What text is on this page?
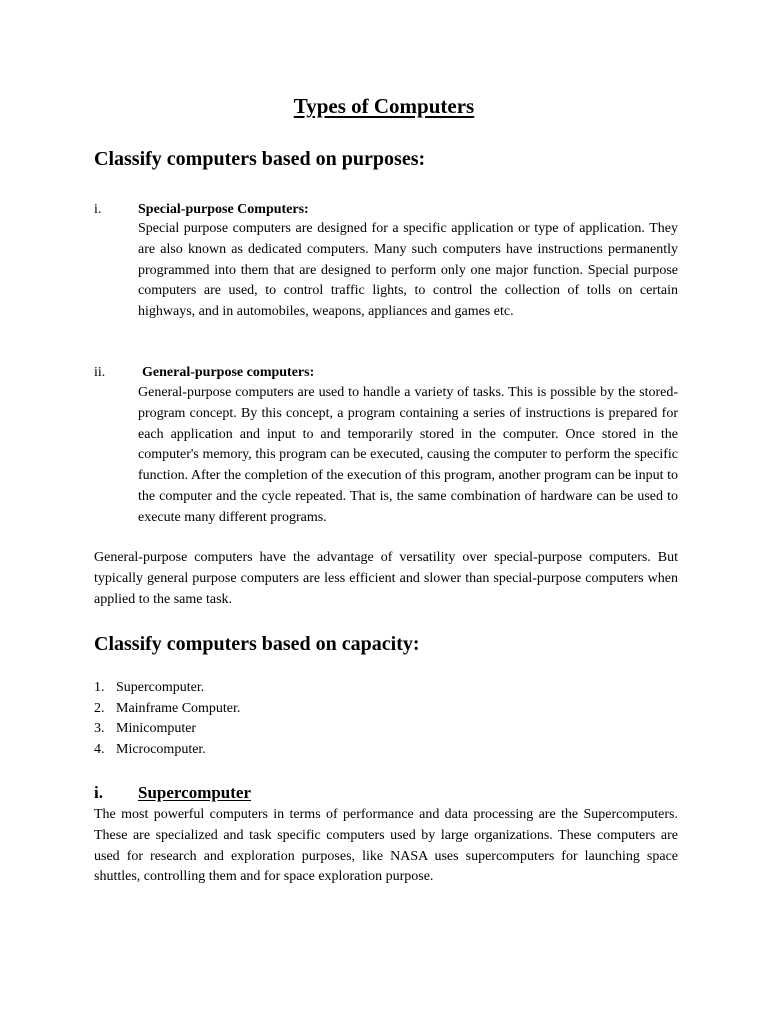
Types of Computers
Classify computers based on purposes:
i.	Special-purpose Computers:

Special purpose computers are designed for a specific application or type of application. They are also known as dedicated computers. Many such computers have instructions permanently programmed into them that are designed to perform only one major function. Special purpose computers are used, to control traffic lights, to control the collection of tolls on certain highways, and in automobiles, weapons, appliances and games etc.

ii.	General-purpose computers:

General-purpose computers are used to handle a variety of tasks. This is possible by the stored-program concept. By this concept, a program containing a series of instructions is prepared for each application and input to and temporarily stored in the computer. Once stored in the computer's memory, this program can be executed, causing the computer to perform the specific function. After the completion of the execution of this program, another program can be input to the computer and the cycle repeated. That is, the same combination of hardware can be used to execute many different programs.

General-purpose computers have the advantage of versatility over special-purpose computers. But typically general purpose computers are less efficient and slower than special-purpose computers when applied to the same task.

Classify computers based on capacity:
1. Supercomputer.
2. Mainframe Computer.
3. Minicomputer
4. Microcomputer.
i.	Supercomputer

The most powerful computers in terms of performance and data processing are the Supercomputers. These are specialized and task specific computers used by large organizations. These computers are used for research and exploration purposes, like NASA uses supercomputers for launching space shuttles, controlling them and for space exploration purpose.
